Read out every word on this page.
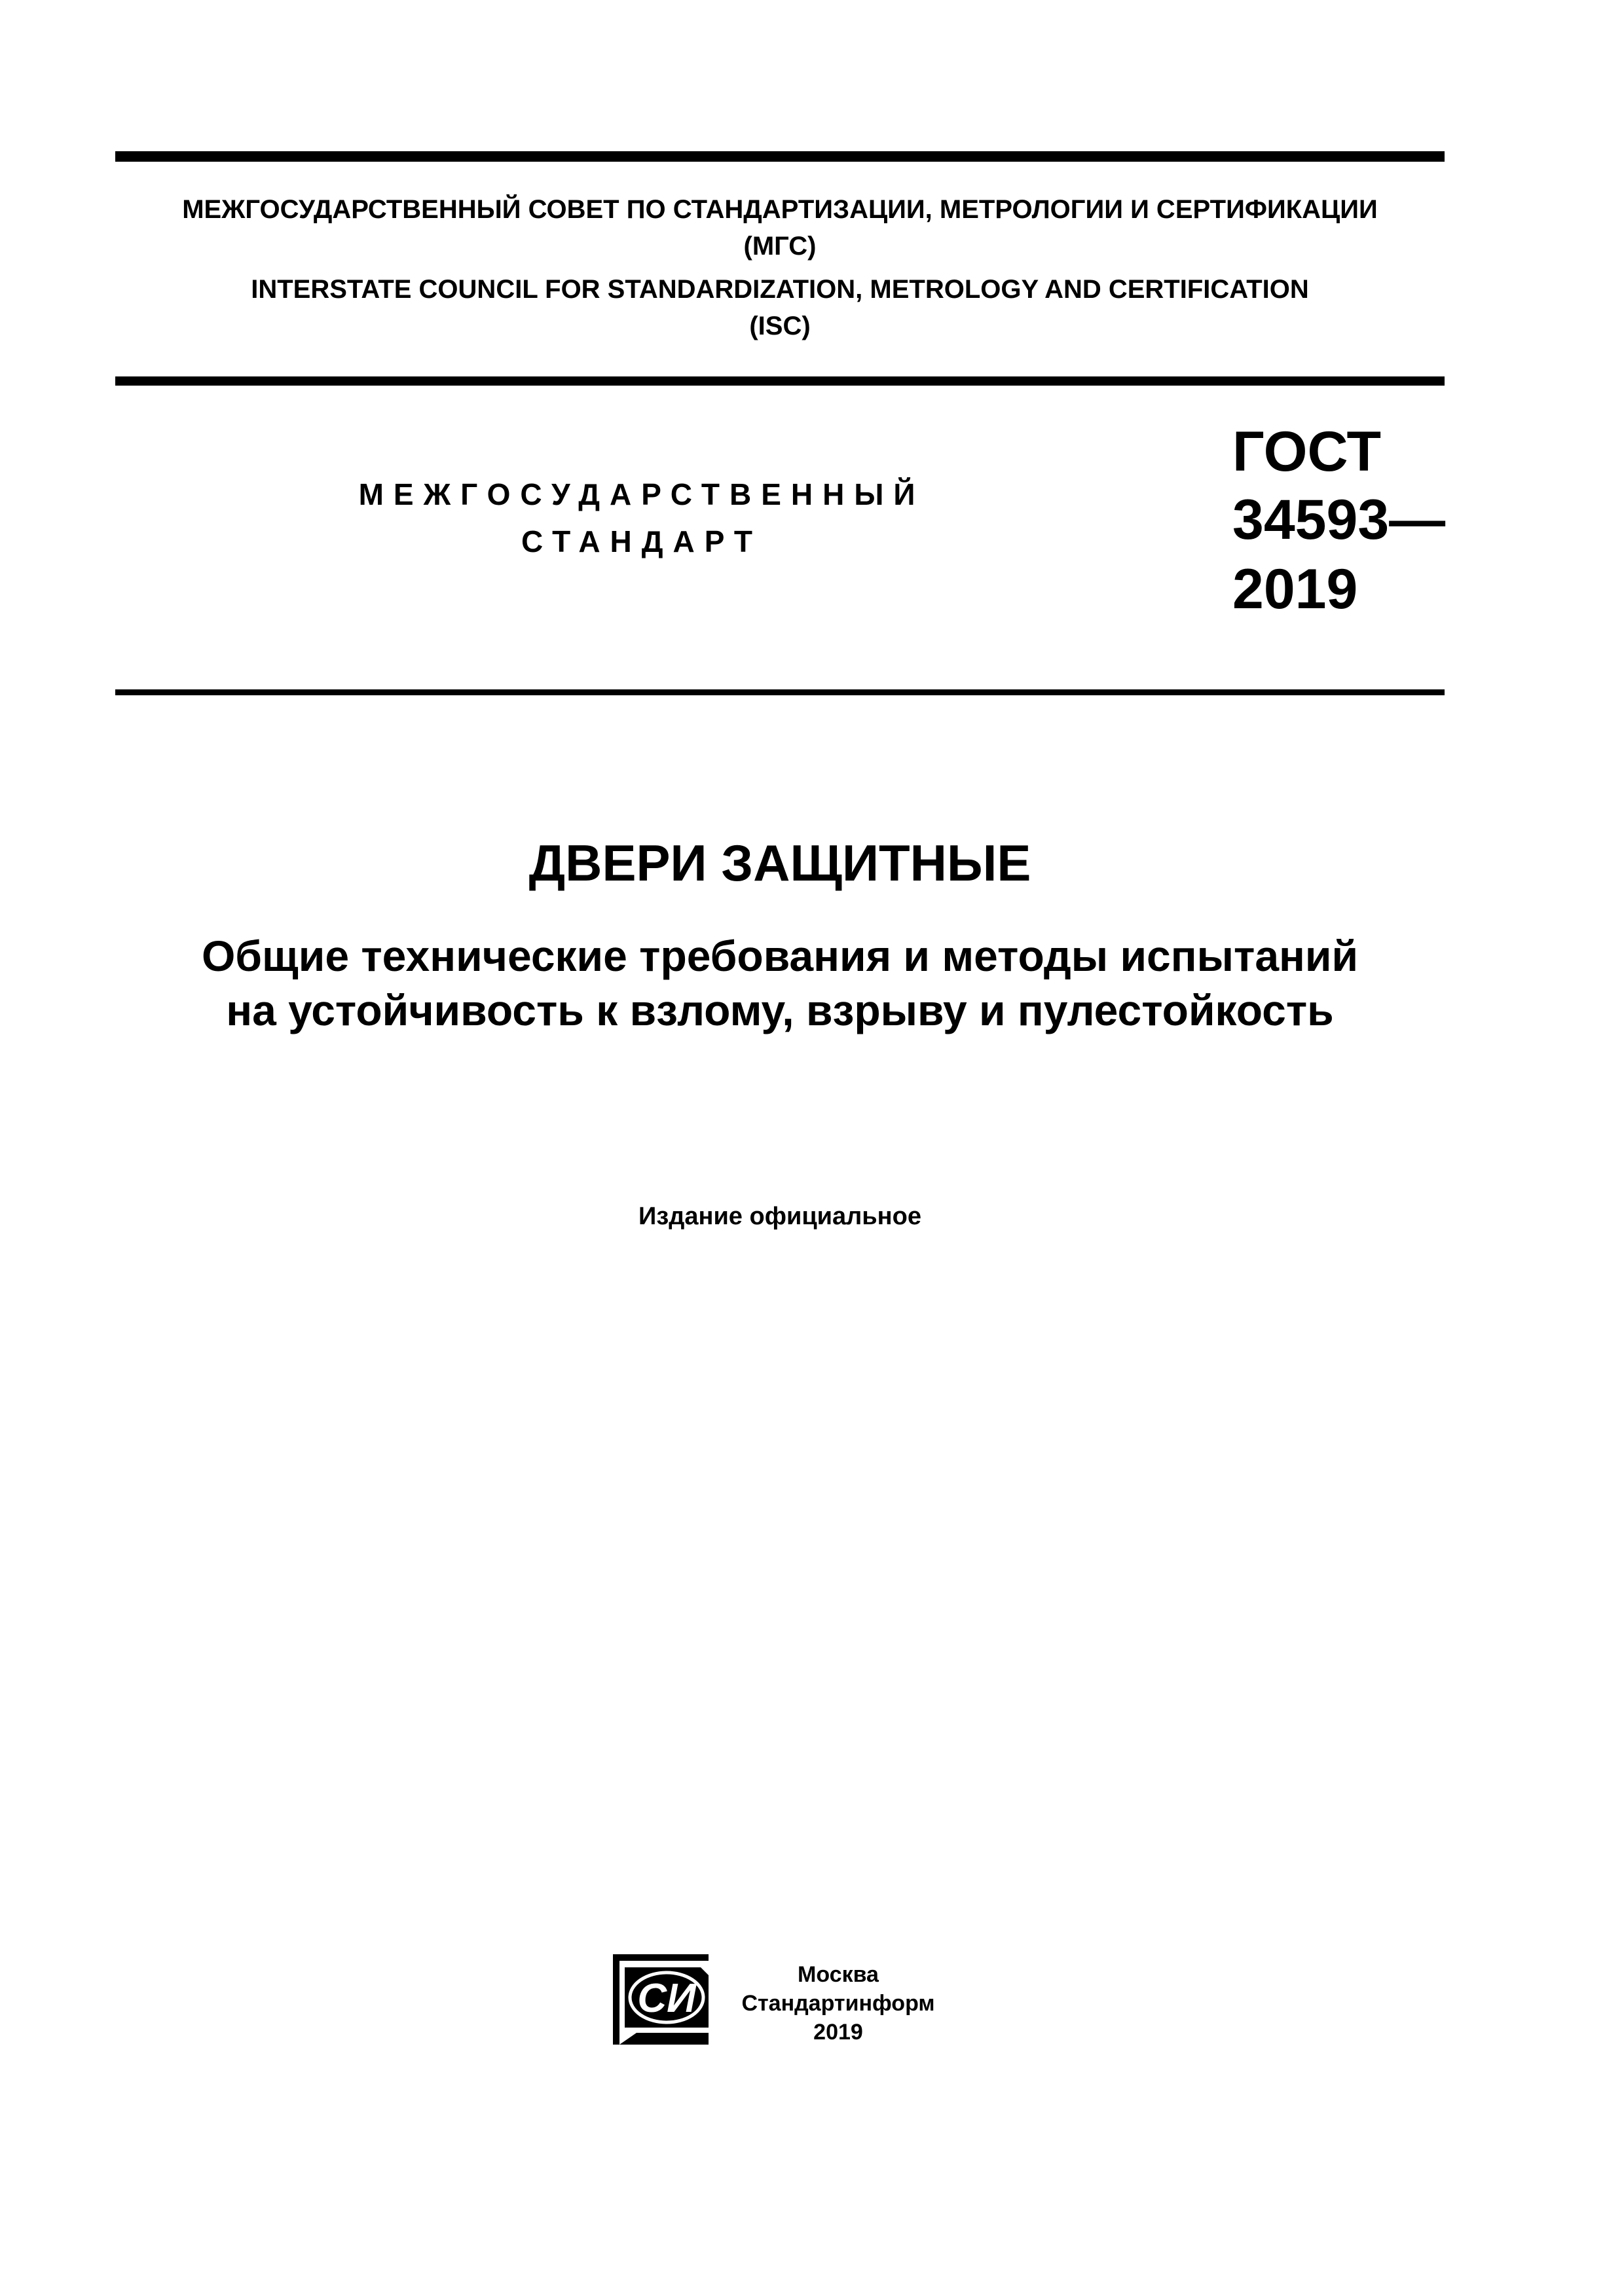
МЕЖГОСУДАРСТВЕННЫЙ СОВЕТ ПО СТАНДАРТИЗАЦИИ, МЕТРОЛОГИИ И СЕРТИФИКАЦИИ
(МГС)
INTERSTATE COUNCIL FOR STANDARDIZATION, METROLOGY AND CERTIFICATION
(ISC)
МЕЖГОСУДАРСТВЕННЫЙ
СТАНДАРТ
ГОСТ
34593—
2019
ДВЕРИ ЗАЩИТНЫЕ
Общие технические требования и методы испытаний
на устойчивость к взлому, взрыву и пулестойкость
Издание официальное
СИ
Москва
Стандартинформ
2019
